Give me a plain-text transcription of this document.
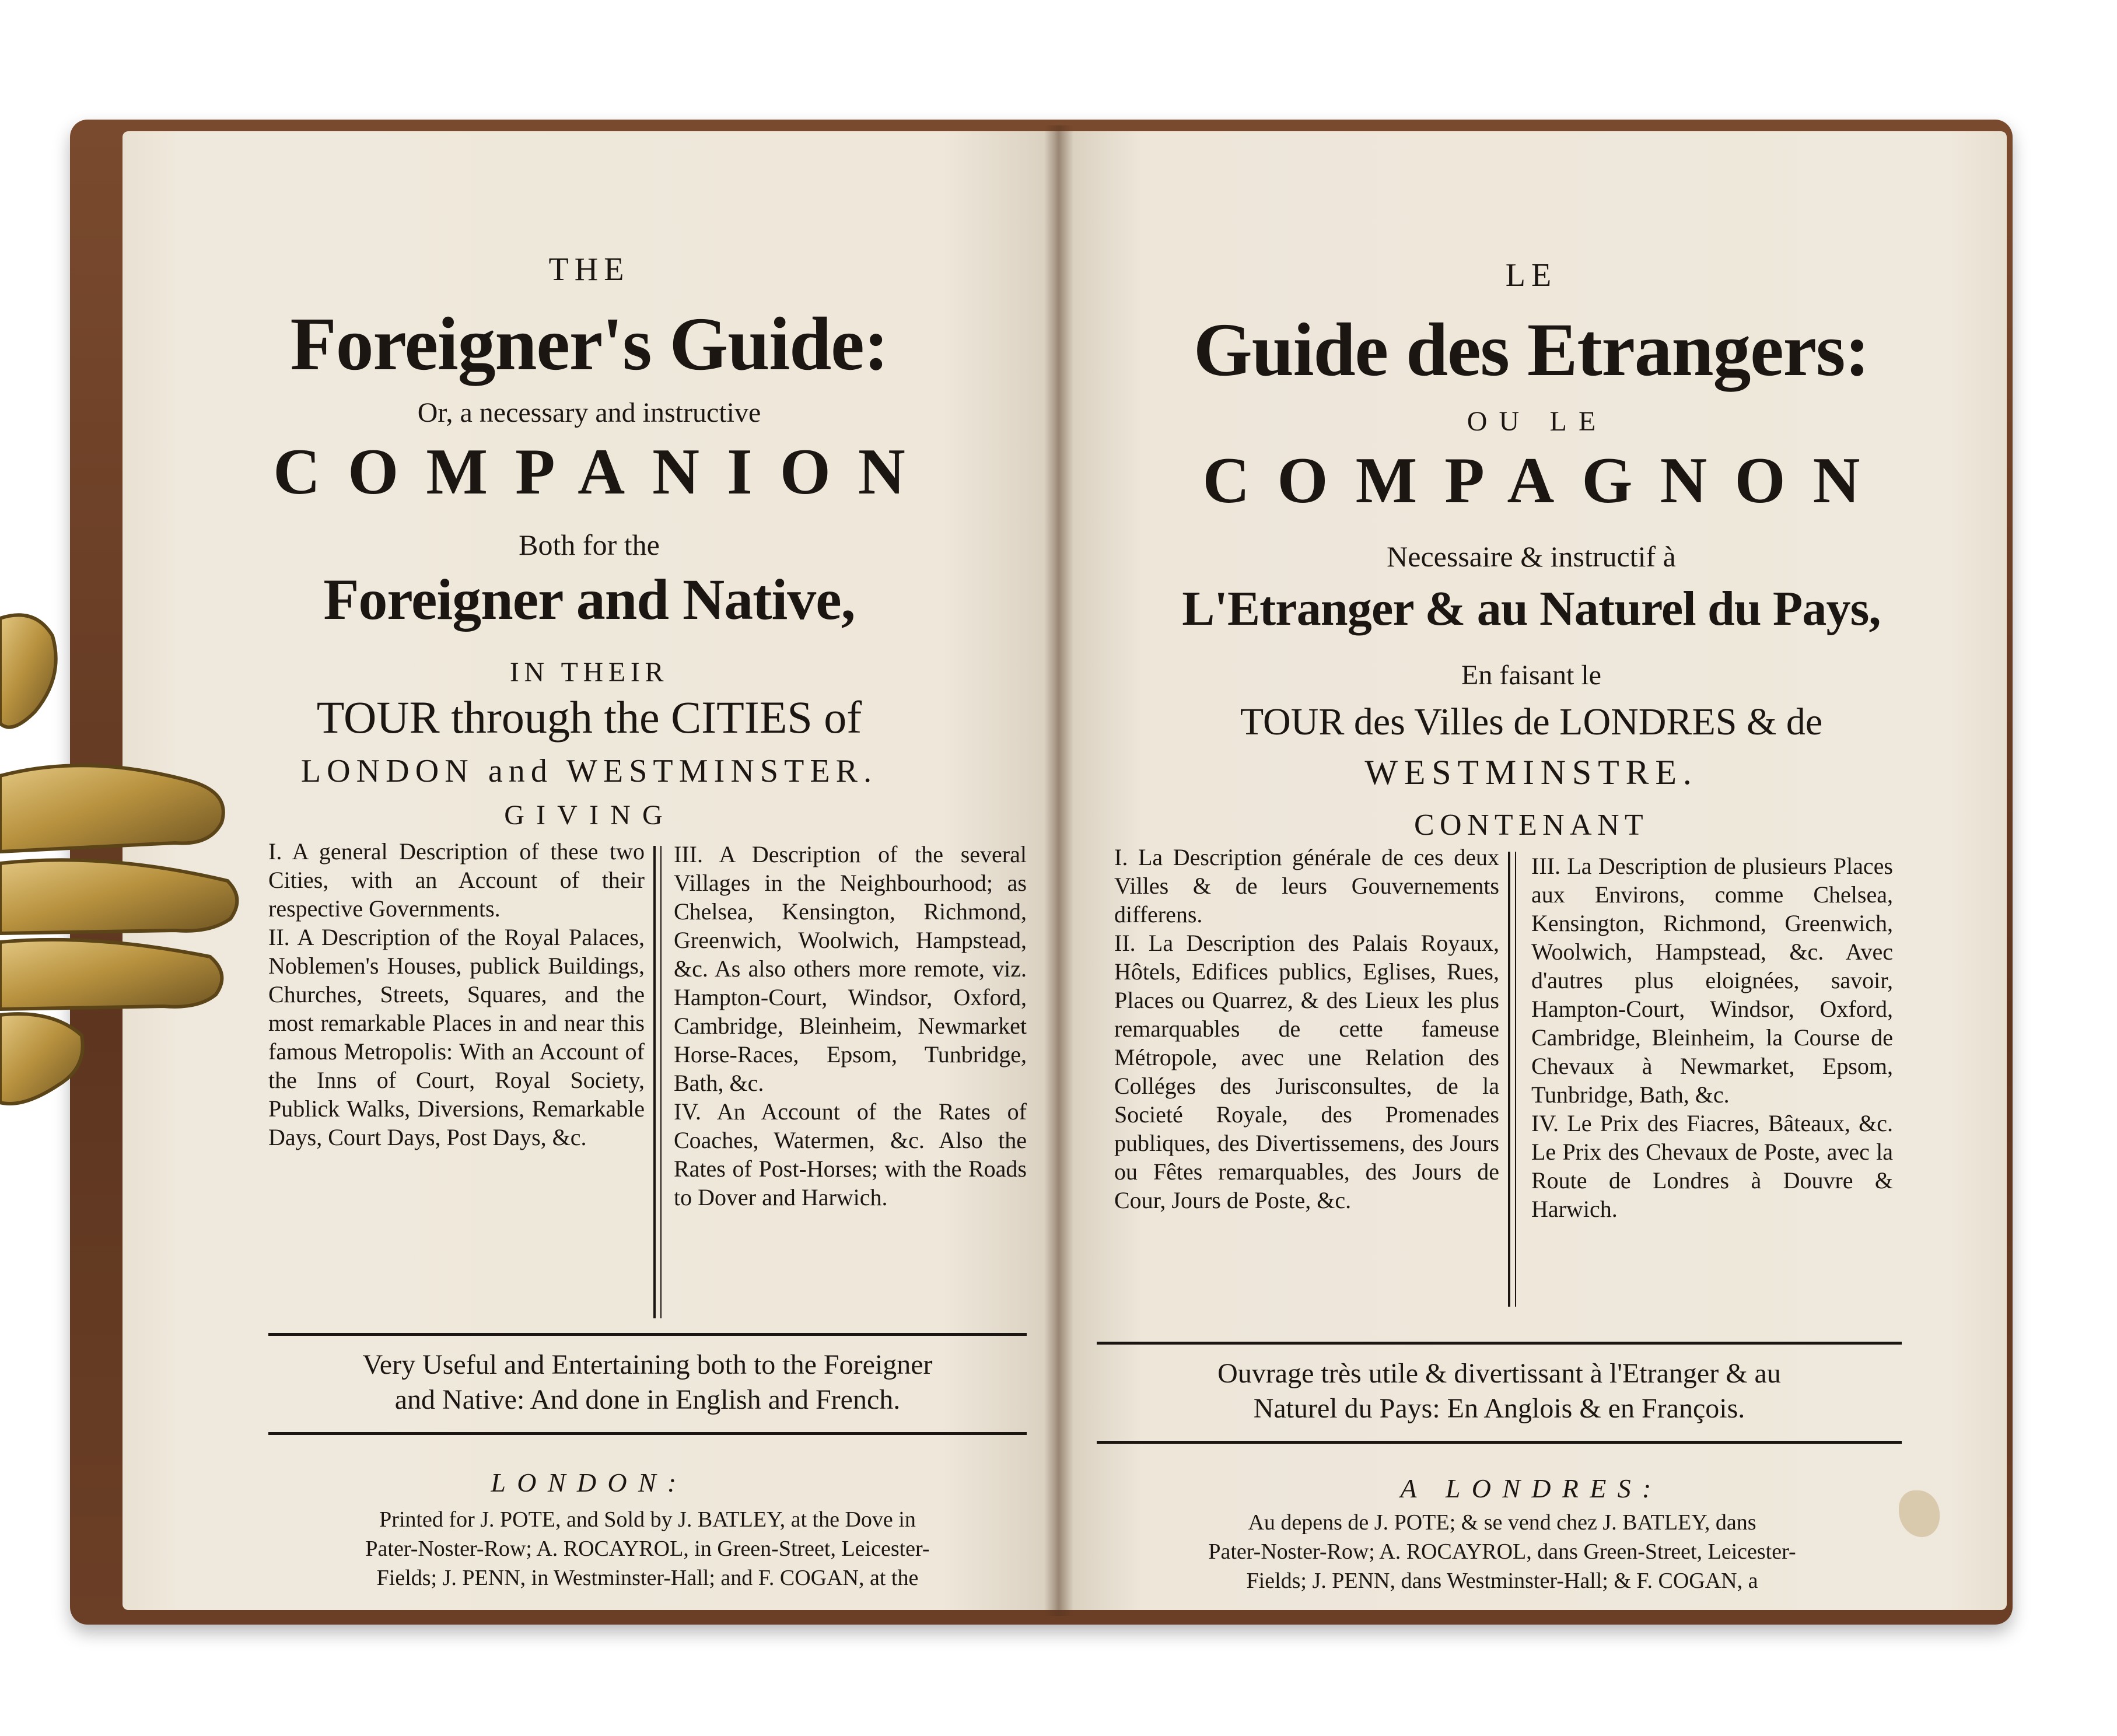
THE
Foreigner's Guide:
Or, a necessary and instructive
COMPANION
Both for the
Foreigner and Native,
IN THEIR
TOUR through the CITIES of
LONDON and WESTMINSTER.
GIVING
I. A general Description of these two Cities, with an Account of their respective Governments.
II. A Description of the Royal Palaces, Noblemen's Houses, publick Buildings, Churches, Streets, Squares, and the most remarkable Places in and near this famous Metropolis: With an Account of the Inns of Court, Royal Society, Publick Walks, Diversions, Remarkable Days, Court Days, Post Days, &c.
III. A Description of the several Villages in the Neighbourhood; as Chelsea, Kensington, Richmond, Greenwich, Woolwich, Hampstead, &c. As also others more remote, viz. Hampton-Court, Windsor, Oxford, Cambridge, Bleinheim, Newmarket Horse-Races, Epsom, Tunbridge, Bath, &c.
IV. An Account of the Rates of Coaches, Watermen, &c. Also the Rates of Post-Horses; with the Roads to Dover and Harwich.
Very Useful and Entertaining both to the Foreigner
and Native: And done in English and French.
LONDON:
Printed for J. POTE, and Sold by J. BATLEY, at the Dove in
Pater-Noster-Row; A. ROCAYROL, in Green-Street, Leicester-
Fields; J. PENN, in Westminster-Hall; and F. COGAN, at the
LE
Guide des Etrangers:
OU LE
COMPAGNON
Necessaire & instructif à
L'Etranger & au Naturel du Pays,
En faisant le
TOUR des Villes de LONDRES & de
WESTMINSTRE.
CONTENANT
I. La Description générale de ces deux Villes & de leurs Gouvernements differens.
II. La Description des Palais Royaux, Hôtels, Edifices publics, Eglises, Rues, Places ou Quarrez, & des Lieux les plus remarquables de cette fameuse Métropole, avec une Relation des Colléges des Jurisconsultes, de la Societé Royale, des Promenades publiques, des Divertissemens, des Jours ou Fêtes remarquables, des Jours de Cour, Jours de Poste, &c.
III. La Description de plusieurs Places aux Environs, comme Chelsea, Kensington, Richmond, Greenwich, Woolwich, Hampstead, &c. Avec d'autres plus eloignées, savoir, Hampton-Court, Windsor, Oxford, Cambridge, Bleinheim, la Course de Chevaux à Newmarket, Epsom, Tunbridge, Bath, &c.
IV. Le Prix des Fiacres, Bâteaux, &c. Le Prix des Chevaux de Poste, avec la Route de Londres à Douvre & Harwich.
Ouvrage très utile & divertissant à l'Etranger & au
Naturel du Pays: En Anglois & en François.
A LONDRES:
Au depens de J. POTE; & se vend chez J. BATLEY, dans
Pater-Noster-Row; A. ROCAYROL, dans Green-Street, Leicester-
Fields; J. PENN, dans Westminster-Hall; & F. COGAN, a
